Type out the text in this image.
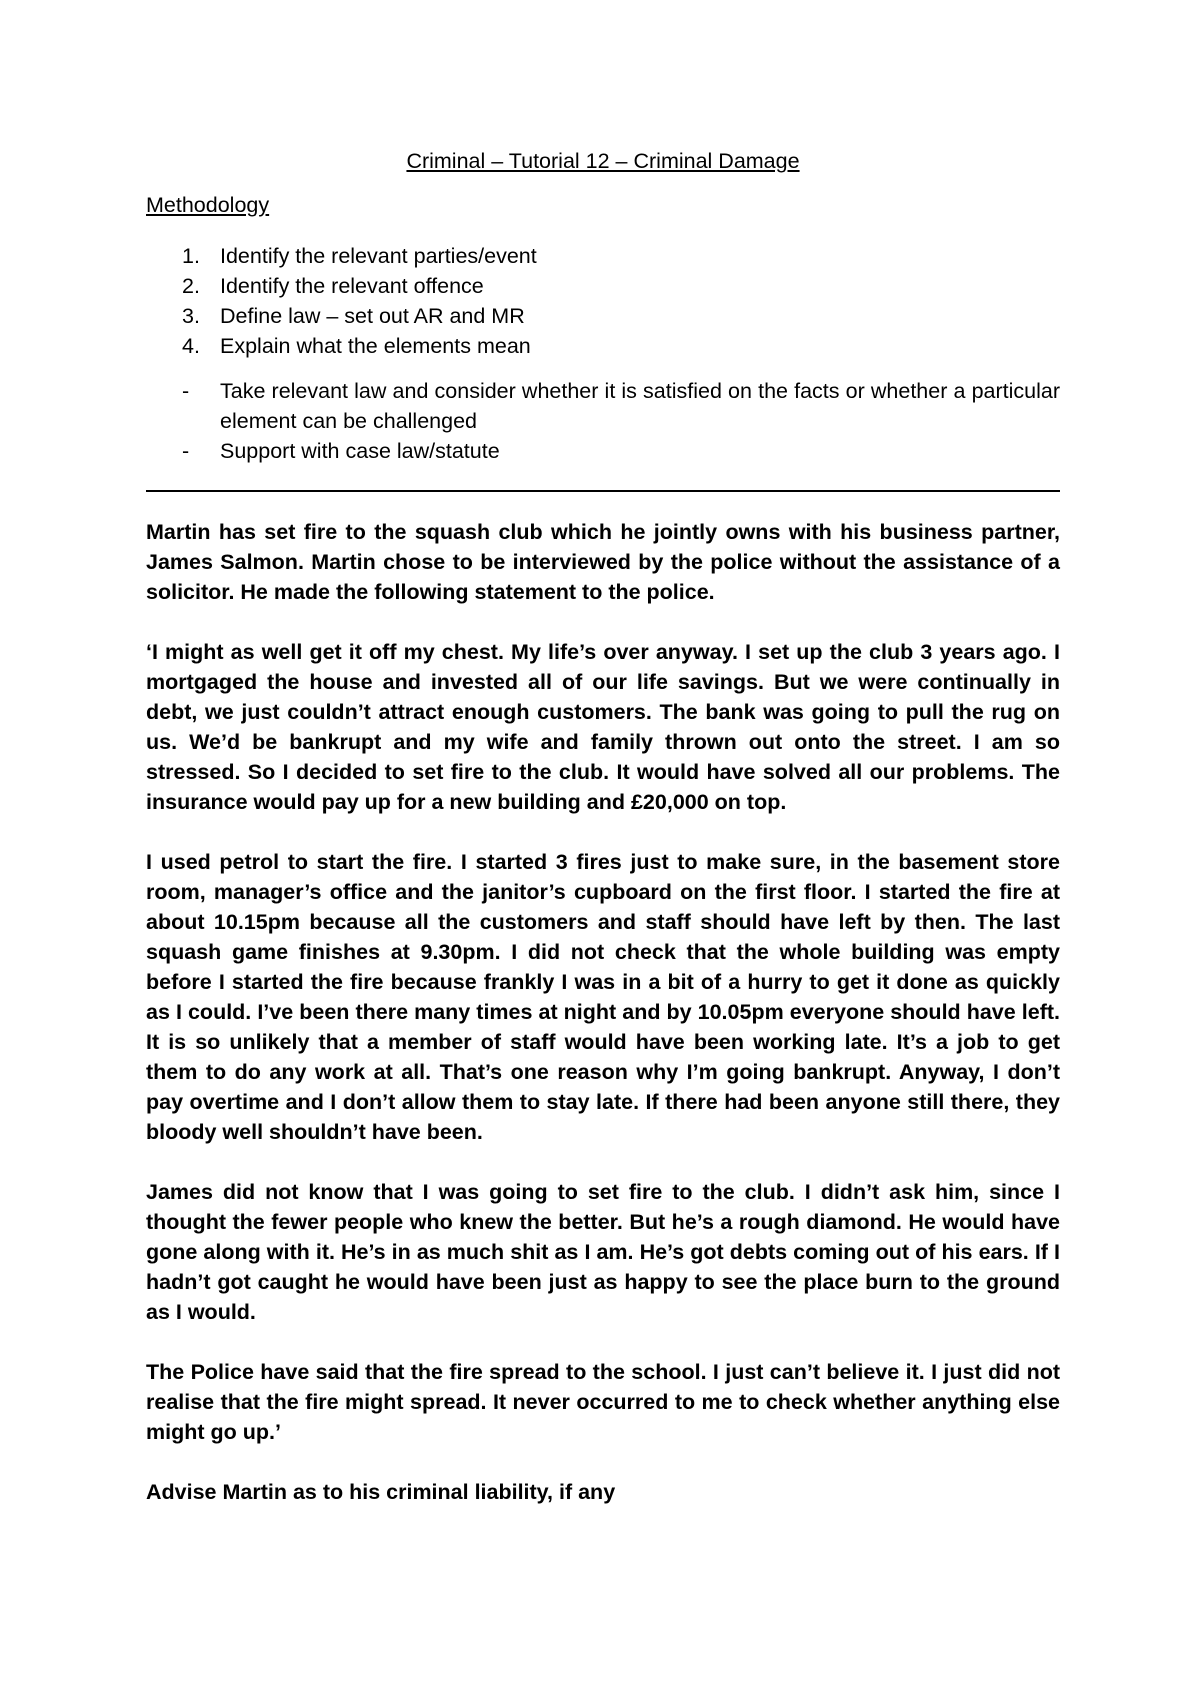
Criminal – Tutorial 12 – Criminal Damage
Methodology
1. Identify the relevant parties/event
2. Identify the relevant offence
3. Define law – set out AR and MR
4. Explain what the elements mean
- Take relevant law and consider whether it is satisfied on the facts or whether a particular element can be challenged
- Support with case law/statute

Martin has set fire to the squash club which he jointly owns with his business partner, James Salmon. Martin chose to be interviewed by the police without the assistance of a solicitor. He made the following statement to the police.

‘I might as well get it off my chest. My life’s over anyway. I set up the club 3 years ago. I mortgaged the house and invested all of our life savings. But we were continually in debt, we just couldn’t attract enough customers. The bank was going to pull the rug on us. We’d be bankrupt and my wife and family thrown out onto the street. I am so stressed. So I decided to set fire to the club. It would have solved all our problems. The insurance would pay up for a new building and £20,000 on top.

I used petrol to start the fire. I started 3 fires just to make sure, in the basement store room, manager’s office and the janitor’s cupboard on the first floor. I started the fire at about 10.15pm because all the customers and staff should have left by then. The last squash game finishes at 9.30pm. I did not check that the whole building was empty before I started the fire because frankly I was in a bit of a hurry to get it done as quickly as I could. I’ve been there many times at night and by 10.05pm everyone should have left. It is so unlikely that a member of staff would have been working late. It’s a job to get them to do any work at all. That’s one reason why I’m going bankrupt. Anyway, I don’t pay overtime and I don’t allow them to stay late. If there had been anyone still there, they bloody well shouldn’t have been.

James did not know that I was going to set fire to the club. I didn’t ask him, since I thought the fewer people who knew the better. But he’s a rough diamond. He would have gone along with it. He’s in as much shit as I am. He’s got debts coming out of his ears. If I hadn’t got caught he would have been just as happy to see the place burn to the ground as I would.

The Police have said that the fire spread to the school. I just can’t believe it. I just did not realise that the fire might spread. It never occurred to me to check whether anything else might go up.’

Advise Martin as to his criminal liability, if any
